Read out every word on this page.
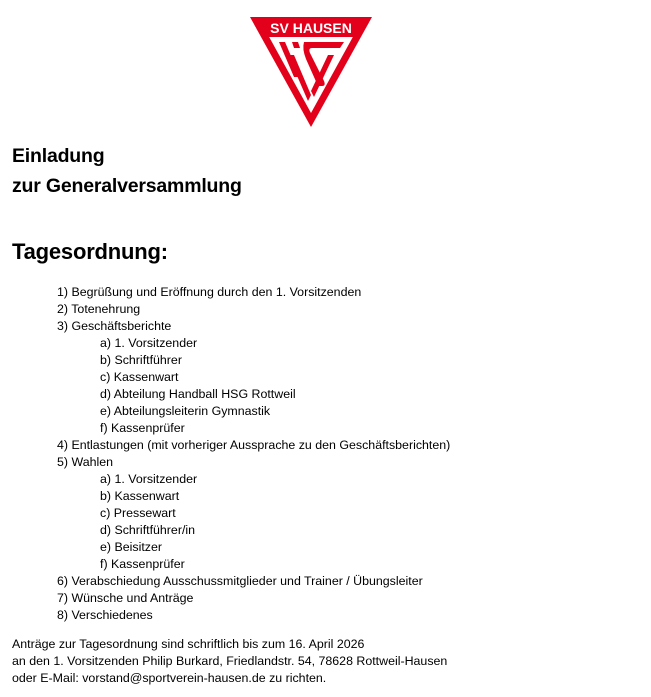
SV HAUSEN
Einladung
zur Generalversammlung
Tagesordnung:
1) Begrüßung und Eröffnung durch den 1. Vorsitzenden
2) Totenehrung
3) Geschäftsberichte
a) 1. Vorsitzender
b) Schriftführer
c) Kassenwart
d) Abteilung Handball HSG Rottweil
e) Abteilungsleiterin Gymnastik
f) Kassenprüfer
4) Entlastungen (mit vorheriger Aussprache zu den Geschäftsberichten)
5) Wahlen
a) 1. Vorsitzender
b) Kassenwart
c) Pressewart
d) Schriftführer/in
e) Beisitzer
f) Kassenprüfer
6) Verabschiedung Ausschussmitglieder und Trainer / Übungsleiter
7) Wünsche und Anträge
8) Verschiedenes
Anträge zur Tagesordnung sind schriftlich bis zum 16. April 2026
an den 1. Vorsitzenden Philip Burkard, Friedlandstr. 54, 78628 Rottweil-Hausen
oder E-Mail: vorstand@sportverein-hausen.de zu richten.
